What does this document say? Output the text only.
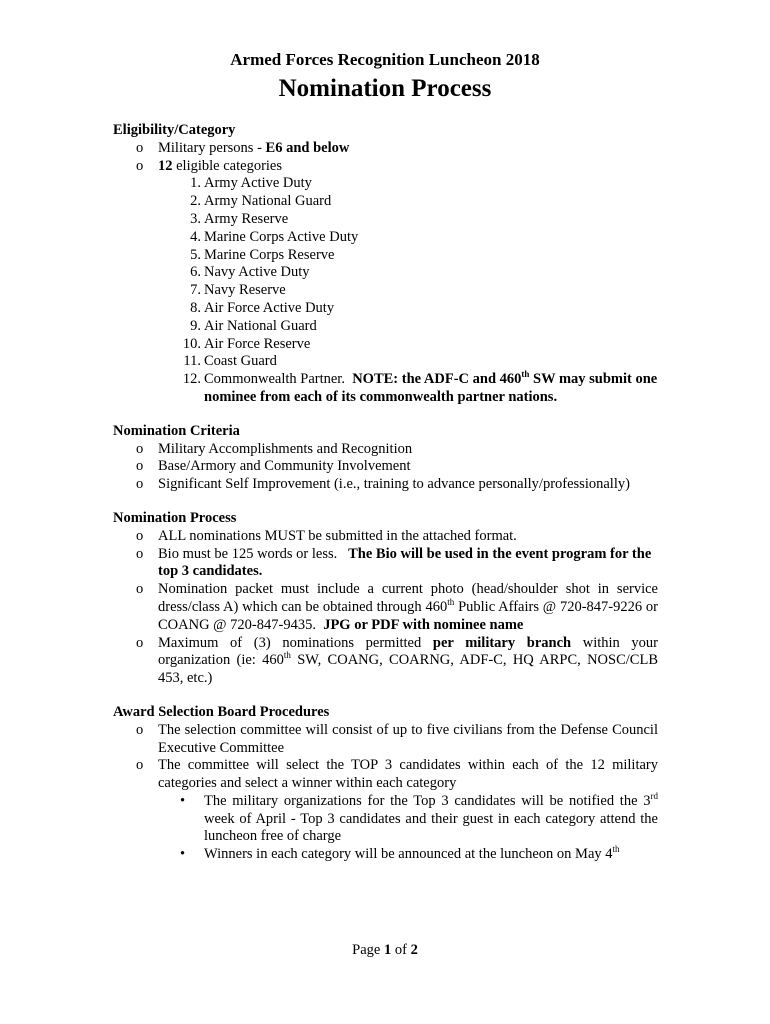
Armed Forces Recognition Luncheon 2018
Nomination Process
Eligibility/Category
o Military persons - E6 and below
o 12 eligible categories
1. Army Active Duty
2. Army National Guard
3. Army Reserve
4. Marine Corps Active Duty
5. Marine Corps Reserve
6. Navy Active Duty
7. Navy Reserve
8. Air Force Active Duty
9. Air National Guard
10. Air Force Reserve
11. Coast Guard
12. Commonwealth Partner. NOTE: the ADF-C and 460th SW may submit one nominee from each of its commonwealth partner nations.
Nomination Criteria
o Military Accomplishments and Recognition
o Base/Armory and Community Involvement
o Significant Self Improvement (i.e., training to advance personally/professionally)
Nomination Process
o ALL nominations MUST be submitted in the attached format.
o Bio must be 125 words or less. The Bio will be used in the event program for the top 3 candidates.
o Nomination packet must include a current photo (head/shoulder shot in service dress/class A) which can be obtained through 460th Public Affairs @ 720-847-9226 or COANG @ 720-847-9435. JPG or PDF with nominee name
o Maximum of (3) nominations permitted per military branch within your organization (ie: 460th SW, COANG, COARNG, ADF-C, HQ ARPC, NOSC/CLB 453, etc.)
Award Selection Board Procedures
o The selection committee will consist of up to five civilians from the Defense Council Executive Committee
o The committee will select the TOP 3 candidates within each of the 12 military categories and select a winner within each category
• The military organizations for the Top 3 candidates will be notified the 3rd week of April - Top 3 candidates and their guest in each category attend the luncheon free of charge
• Winners in each category will be announced at the luncheon on May 4th
Page 1 of 2
